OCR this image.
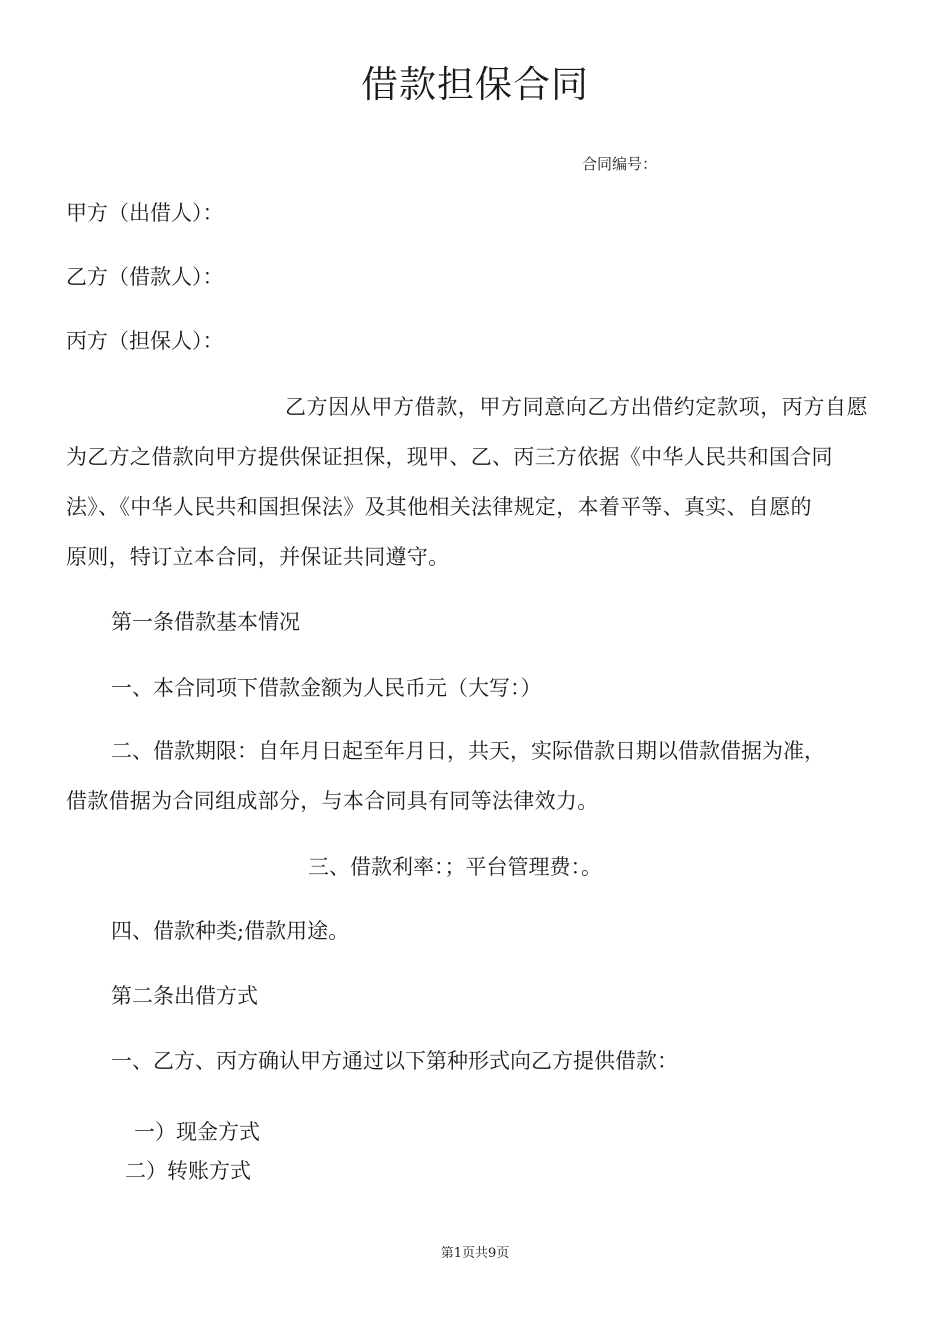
借款担保合同
合同编号：
甲方（出借人）：
乙方（借款人）：
丙方（担保人）：
乙方因从甲方借款，甲方同意向乙方出借约定款项，丙方自愿
为乙方之借款向甲方提供保证担保，现甲、乙、丙三方依据《中华人民共和国合同
法》、《中华人民共和国担保法》及其他相关法律规定，本着平等、真实、自愿的
原则，特订立本合同，并保证共同遵守。
第一条借款基本情况
一、本合同项下借款金额为人民币元（大写：）
二、借款期限：自年月日起至年月日，共天，实际借款日期以借款借据为准，
借款借据为合同组成部分，与本合同具有同等法律效力。
三、借款利率：；平台管理费：。
四、借款种类;借款用途。
第二条出借方式
一、乙方、丙方确认甲方通过以下第种形式向乙方提供借款：
一）现金方式
二）转账方式
第1页共9页
